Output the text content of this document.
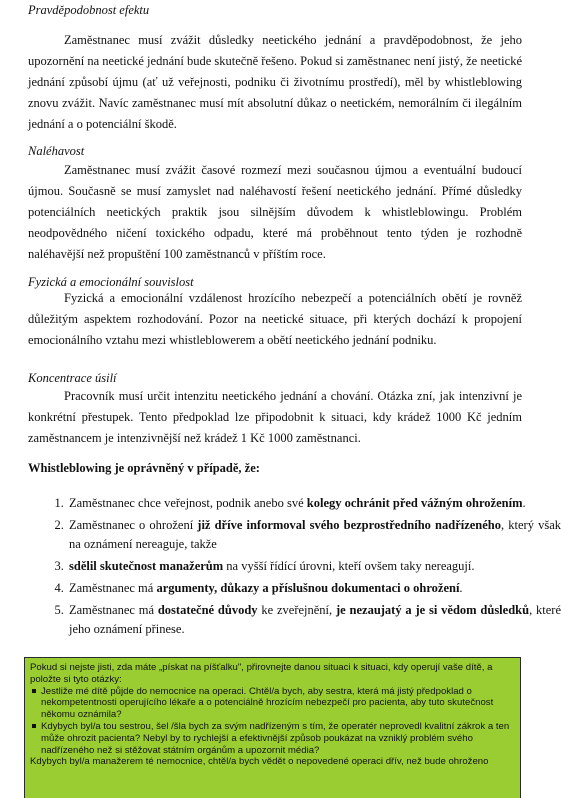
Pravděpodobnost efektu
Zaměstnanec musí zvážit důsledky neetického jednání a pravděpodobnost, že jeho upozornění na neetické jednání bude skutečně řešeno. Pokud si zaměstnanec není jistý, že neetické jednání způsobí újmu (ať už veřejnosti, podniku či životnímu prostředí), měl by whistleblowing znovu zvážit. Navíc zaměstnanec musí mít absolutní důkaz o neetickém, nemorálním či ilegálním jednání a o potenciální škodě.
Naléhavost
Zaměstnanec musí zvážit časové rozmezí mezi současnou újmou a eventuální budoucí újmou. Současně se musí zamyslet nad naléhavostí řešení neetického jednání. Přímé důsledky potenciálních neetických praktik jsou silnějším důvodem k whistleblowingu. Problém neodpovědného ničení toxického odpadu, které má proběhnout tento týden je rozhodně naléhavější než propuštění 100 zaměstnanců v příštím roce.
Fyzická a emocionální souvislost
Fyzická a emocionální vzdálenost hrozícího nebezpečí a potenciálních obětí je rovněž důležitým aspektem rozhodování. Pozor na neetické situace, při kterých dochází k propojení emocionálního vztahu mezi whistleblowerem a obětí neetického jednání podniku.
Koncentrace úsilí
Pracovník musí určit intenzitu neetického jednání a chování. Otázka zní, jak intenzivní je konkrétní přestupek. Tento předpoklad lze připodobnit k situaci, kdy krádež 1000 Kč jedním zaměstnancem je intenzivnější než krádež 1 Kč 1000 zaměstnanci.
Whistleblowing je oprávněný v případě, že:
1. Zaměstnanec chce veřejnost, podnik anebo své kolegy ochránit před vážným ohrožením.
2. Zaměstnanec o ohrožení již dříve informoval svého bezprostředního nadřízeného, který však na oznámení nereaguje, takže
3. sdělil skutečnost manažerům na vyšší řídící úrovni, kteří ovšem taky nereagují.
4. Zaměstnanec má argumenty, důkazy a příslušnou dokumentaci o ohrožení.
5. Zaměstnanec má dostatečné důvody ke zveřejnění, je nezaujatý a je si vědom důsledků, které jeho oznámení přinese.
Pokud si nejste jisti, zda máte „pískat na píšťalku", přirovnejte danou situaci k situaci, kdy operují vaše dítě, a položte si tyto otázky:
Jestliže mé dítě půjde do nemocnice na operaci. Chtěl/a bych, aby sestra, která má jistý předpoklad o nekompetentnosti operujícího lékaře a o potenciálně hrozícím nebezpečí pro pacienta, aby tuto skutečnost někomu oznámila?
Kdybych byl/a tou sestrou, šel /šla bych za svým nadřízeným s tím, že operatér neprovedl kvalitní zákrok a ten může ohrozit pacienta? Nebyl by to rychlejší a efektivnější způsob poukázat na vzniklý problém svého nadřízeného než si stěžovat státním orgánům a upozornit média?
Kdybych byl/a manažerem té nemocnice, chtěl/a bych vědět o nepovedené operaci dřív, než bude ohroženo
